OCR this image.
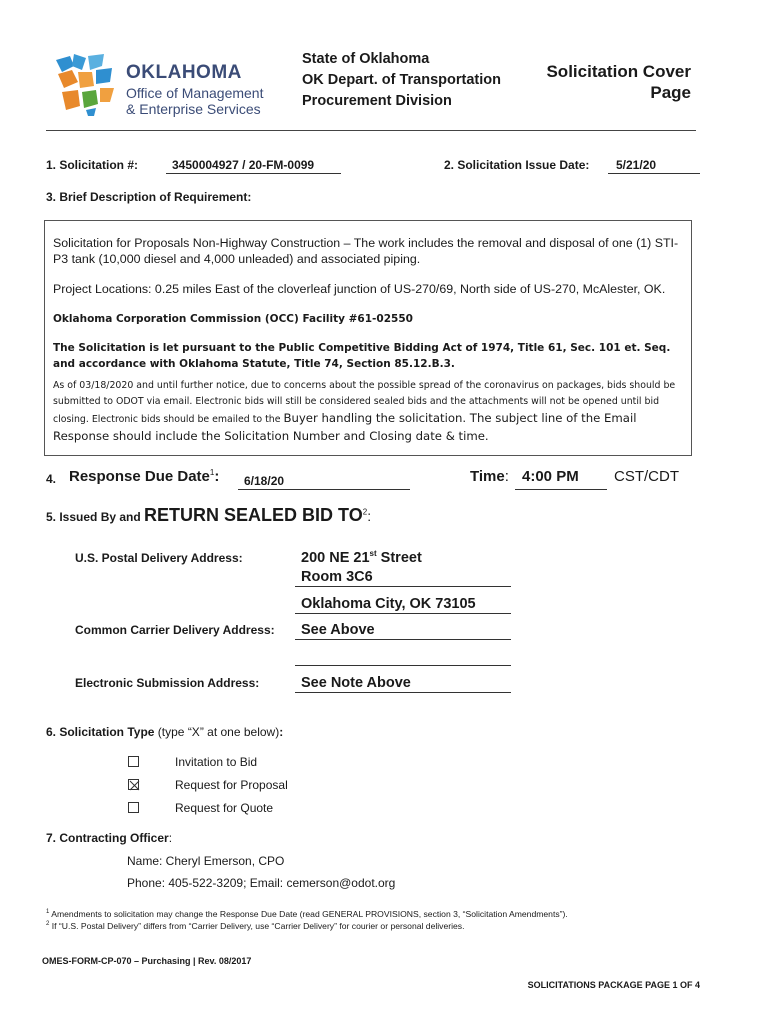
OKLAHOMA
Office of Management
& Enterprise Services
State of Oklahoma
OK Depart. of Transportation
Procurement Division
Solicitation Cover
Page
1. Solicitation #:	3450004927 / 20-FM-0099	2. Solicitation Issue Date:	5/21/20
3. Brief Description of Requirement:
Solicitation for Proposals Non-Highway Construction – The work includes the removal and disposal of one (1) STI-P3 tank (10,000 diesel and 4,000 unleaded) and associated piping.
Project Locations: 0.25 miles East of the cloverleaf junction of US-270/69, North side of US-270, McAlester, OK.
Oklahoma Corporation Commission (OCC) Facility #61-02550
The Solicitation is let pursuant to the Public Competitive Bidding Act of 1974, Title 61, Sec. 101 et. Seq. and accordance with Oklahoma Statute, Title 74, Section 85.12.B.3.
As of 03/18/2020 and until further notice, due to concerns about the possible spread of the coronavirus on packages, bids should be submitted to ODOT via email. Electronic bids will still be considered sealed bids and the attachments will not be opened until bid closing. Electronic bids should be emailed to the Buyer handling the solicitation. The subject line of the Email Response should include the Solicitation Number and Closing date & time.
4. Response Due Date$^1$:	6/18/20	Time: 4:00 PM	CST/CDT
5. Issued By and RETURN SEALED BID $TO^2$:
U.S. Postal Delivery Address:	200 NE 21st Street
Room 3C6
Oklahoma City, OK 73105
Common Carrier Delivery Address: See Above
Electronic Submission Address:	See Note Above
6. Solicitation Type (type “X” at one below):
Invitation to Bid
Request for Proposal
Request for Quote
7. Contracting Officer:
Name: Cheryl Emerson, CPO
Phone: 405-522-3209; Email: cemerson@odot.org
$^1$ Amendments to solicitation may change the Response Due Date (read GENERAL PROVISIONS, section 3, “Solicitation Amendments”).
$^2$ If “U.S. Postal Delivery” differs from “Carrier Delivery, use “Carrier Delivery” for courier or personal deliveries.
OMES-FORM-CP-070 – Purchasing | Rev. 08/2017
SOLICITATIONS PACKAGE PAGE 1 OF 4
